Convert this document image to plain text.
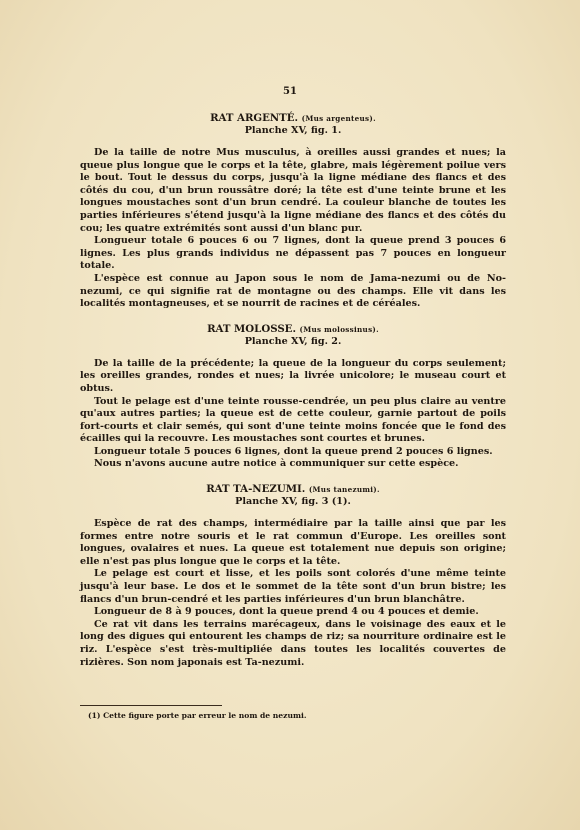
51

RAT ARGENTÉ. (Mus argenteus).

Planche XV, fig. 1.

De la taille de notre Mus musculus, à oreilles aussi grandes et nues; la queue plus longue que le corps et la tête, glabre, mais légèrement poilue vers le bout. Tout le dessus du corps, jusqu'à la ligne médiane des flancs et des côtés du cou, d'un brun roussâtre doré; la tête est d'une teinte brune et les longues moustaches sont d'un brun cendré. La couleur blanche de toutes les parties inférieures s'étend jusqu'à la ligne médiane des flancs et des côtés du cou; les quatre extrémités sont aussi d'un blanc pur.

Longueur totale 6 pouces 6 ou 7 lignes, dont la queue prend 3 pouces 6 lignes. Les plus grands individus ne dépassent pas 7 pouces en longueur totale.

L'espèce est connue au Japon sous le nom de Jama-nezumi ou de No-nezumi, ce qui signifie rat de montagne ou des champs. Elle vit dans les localités montagneuses, et se nourrit de racines et de céréales.

RAT MOLOSSE. (Mus molossinus).

Planche XV, fig. 2.

De la taille de la précédente; la queue de la longueur du corps seulement; les oreilles grandes, rondes et nues; la livrée unicolore; le museau court et obtus.

Tout le pelage est d'une teinte rousse-cendrée, un peu plus claire au ventre qu'aux autres parties; la queue est de cette couleur, garnie partout de poils fort-courts et clair semés, qui sont d'une teinte moins foncée que le fond des écailles qui la recouvre. Les moustaches sont courtes et brunes.

Longueur totale 5 pouces 6 lignes, dont la queue prend 2 pouces 6 lignes.

Nous n'avons aucune autre notice à communiquer sur cette espèce.

RAT TA-NEZUMI. (Mus tanezumi).

Planche XV, fig. 3 (1).

Espèce de rat des champs, intermédiaire par la taille ainsi que par les formes entre notre souris et le rat commun d'Europe. Les oreilles sont longues, ovalaires et nues. La queue est totalement nue depuis son origine; elle n'est pas plus longue que le corps et la tête.

Le pelage est court et lisse, et les poils sont colorés d'une même teinte jusqu'à leur base. Le dos et le sommet de la tête sont d'un brun bistre; les flancs d'un brun-cendré et les parties inférieures d'un brun blanchâtre.

Longueur de 8 à 9 pouces, dont la queue prend 4 ou 4 pouces et demie.

Ce rat vit dans les terrains marécageux, dans le voisinage des eaux et le long des digues qui entourent les champs de riz; sa nourriture ordinaire est le riz. L'espèce s'est très-multipliée dans toutes les localités couvertes de rizières. Son nom japonais est Ta-nezumi.

(1) Cette figure porte par erreur le nom de nezumi.
